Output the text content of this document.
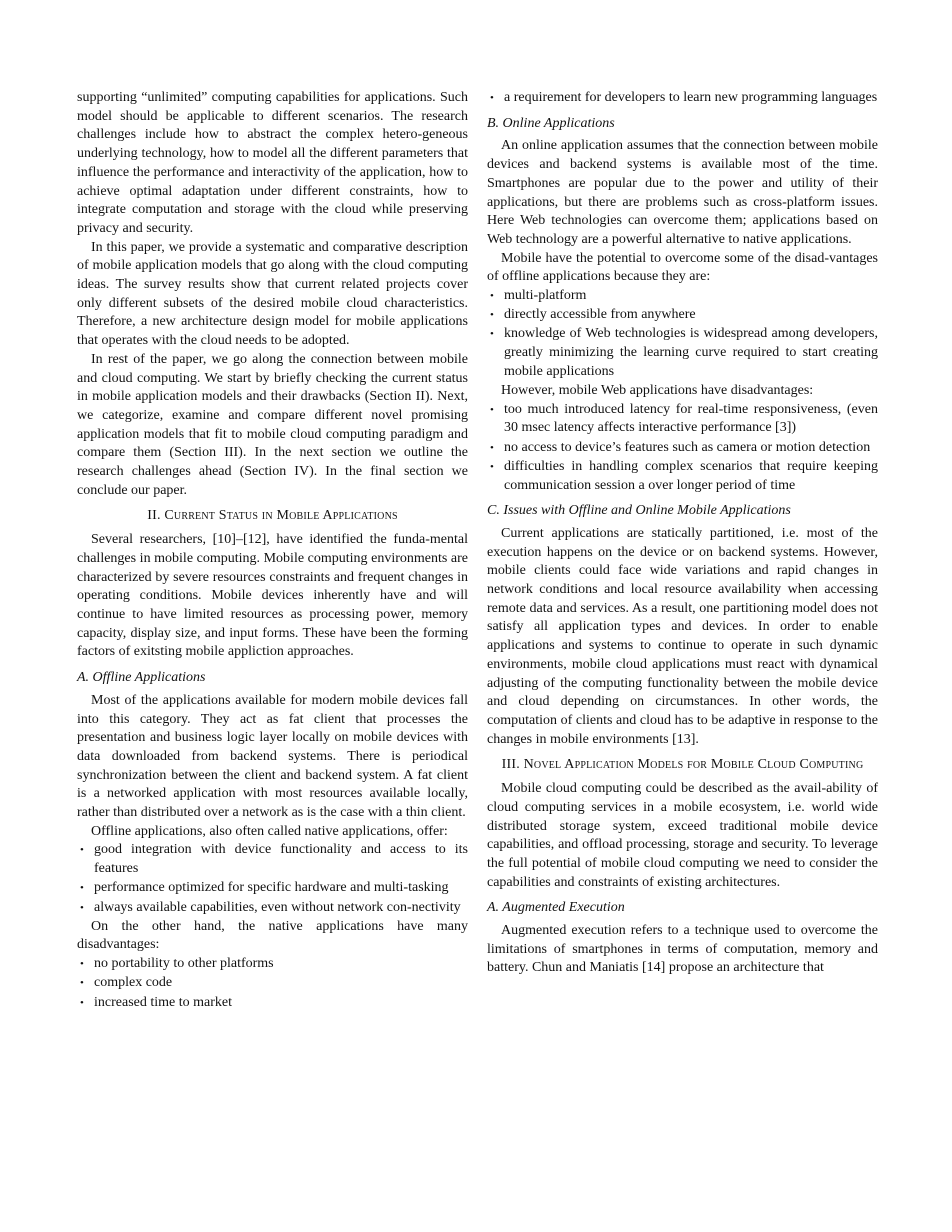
supporting “unlimited” computing capabilities for applications. Such model should be applicable to different scenarios. The research challenges include how to abstract the complex hetero-geneous underlying technology, how to model all the different parameters that influence the performance and interactivity of the application, how to achieve optimal adaptation under different constraints, how to integrate computation and storage with the cloud while preserving privacy and security.

In this paper, we provide a systematic and comparative description of mobile application models that go along with the cloud computing ideas. The survey results show that current related projects cover only different subsets of the desired mobile cloud characteristics. Therefore, a new architecture design model for mobile applications that operates with the cloud needs to be adopted.

In rest of the paper, we go along the connection between mobile and cloud computing. We start by briefly checking the current status in mobile application models and their drawbacks (Section II). Next, we categorize, examine and compare different novel promising application models that fit to mobile cloud computing paradigm and compare them (Section III). In the next section we outline the research challenges ahead (Section IV). In the final section we conclude our paper.

II. Current Status in Mobile Applications

Several researchers, [10]–[12], have identified the funda-mental challenges in mobile computing. Mobile computing environments are characterized by severe resources constraints and frequent changes in operating conditions. Mobile devices inherently have and will continue to have limited resources as processing power, memory capacity, display size, and input forms. These have been the forming factors of exitsting mobile appliction approaches.

A. Offline Applications

Most of the applications available for modern mobile devices fall into this category. They act as fat client that processes the presentation and business logic layer locally on mobile devices with data downloaded from backend systems. There is periodical synchronization between the client and backend system. A fat client is a networked application with most resources available locally, rather than distributed over a network as is the case with a thin client.

Offline applications, also often called native applications, offer:

• good integration with device functionality and access to its features
• performance optimized for specific hardware and multi-tasking
• always available capabilities, even without network con-nectivity

On the other hand, the native applications have many disadvantages:

• no portability to other platforms
• complex code
• increased time to market
• a requirement for developers to learn new programming languages
B. Online Applications

An online application assumes that the connection between mobile devices and backend systems is available most of the time. Smartphones are popular due to the power and utility of their applications, but there are problems such as cross-platform issues. Here Web technologies can overcome them; applications based on Web technology are a powerful alternative to native applications.

Mobile have the potential to overcome some of the disad-vantages of offline applications because they are:

• multi-platform
• directly accessible from anywhere
• knowledge of Web technologies is widespread among developers, greatly minimizing the learning curve required to start creating mobile applications

However, mobile Web applications have disadvantages:

• too much introduced latency for real-time responsiveness, (even 30 msec latency affects interactive performance [3])
• no access to device’s features such as camera or motion detection
• difficulties in handling complex scenarios that require keeping communication session a over longer period of time
C. Issues with Offline and Online Mobile Applications

Current applications are statically partitioned, i.e. most of the execution happens on the device or on backend systems. However, mobile clients could face wide variations and rapid changes in network conditions and local resource availability when accessing remote data and services. As a result, one partitioning model does not satisfy all application types and devices. In order to enable applications and systems to continue to operate in such dynamic environments, mobile cloud applications must react with dynamical adjusting of the computing functionality between the mobile device and cloud depending on circumstances. In other words, the computation of clients and cloud has to be adaptive in response to the changes in mobile environments [13].

III. Novel Application Models for Mobile Cloud Computing

Mobile cloud computing could be described as the avail-ability of cloud computing services in a mobile ecosystem, i.e. world wide distributed storage system, exceed traditional mobile device capabilities, and offload processing, storage and security. To leverage the full potential of mobile cloud computing we need to consider the capabilities and constraints of existing architectures.

A. Augmented Execution

Augmented execution refers to a technique used to overcome the limitations of smartphones in terms of computation, memory and battery. Chun and Maniatis [14] propose an architecture that
